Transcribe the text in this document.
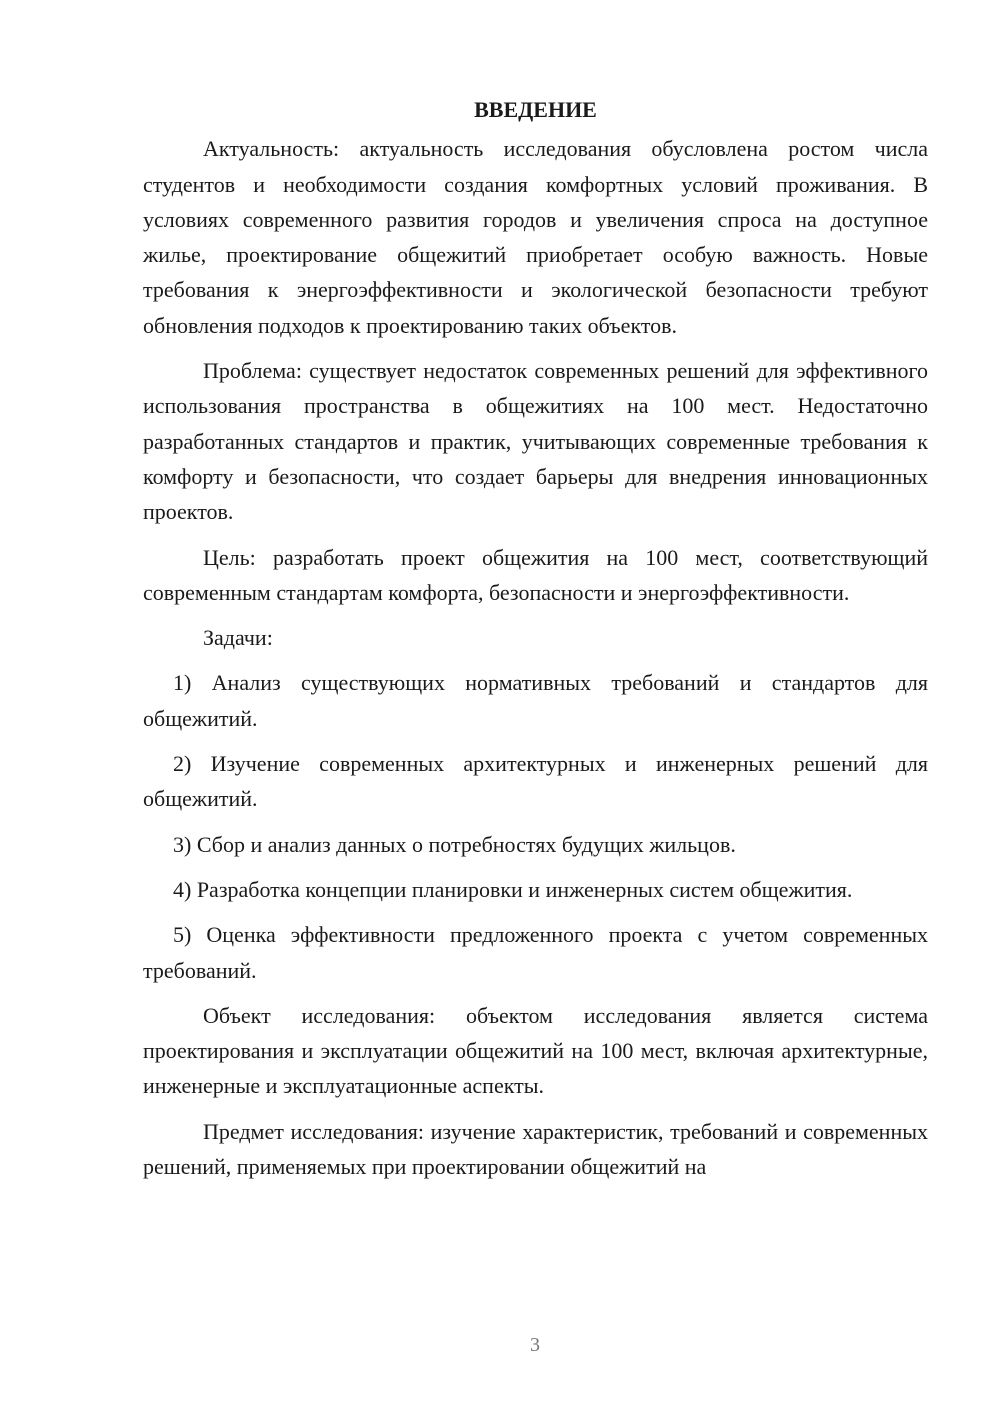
ВВЕДЕНИЕ

Актуальность: актуальность исследования обусловлена ростом числа студентов и необходимости создания комфортных условий проживания. В условиях современного развития городов и увеличения спроса на доступное жилье, проектирование общежитий приобретает особую важность. Новые требования к энергоэффективности и экологической безопасности требуют обновления подходов к проектированию таких объектов.

Проблема: существует недостаток современных решений для эффективного использования пространства в общежитиях на 100 мест. Недостаточно разработанных стандартов и практик, учитывающих современные требования к комфорту и безопасности, что создает барьеры для внедрения инновационных проектов.

Цель: разработать проект общежития на 100 мест, соответствующий современным стандартам комфорта, безопасности и энергоэффективности.

Задачи:

1) Анализ существующих нормативных требований и стандартов для общежитий.

2) Изучение современных архитектурных и инженерных решений для общежитий.

3) Сбор и анализ данных о потребностях будущих жильцов.

4) Разработка концепции планировки и инженерных систем общежития.

5) Оценка эффективности предложенного проекта с учетом современных требований.

Объект исследования: объектом исследования является система проектирования и эксплуатации общежитий на 100 мест, включая архитектурные, инженерные и эксплуатационные аспекты.

Предмет исследования: изучение характеристик, требований и современных решений, применяемых при проектировании общежитий на

3
